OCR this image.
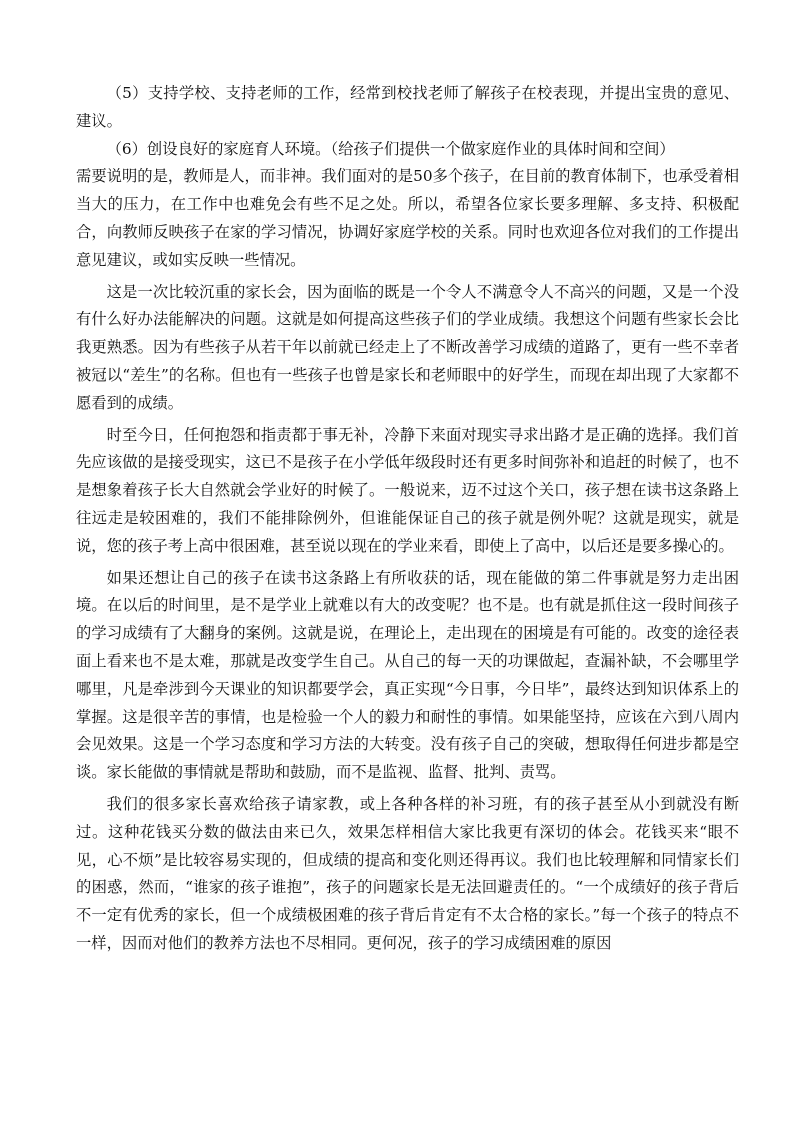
（5）支持学校、支持老师的工作，经常到校找老师了解孩子在校表现，并提出宝贵的意见、建议。

（6）创设良好的家庭育人环境。（给孩子们提供一个做家庭作业的具体时间和空间）

需要说明的是，教师是人，而非神。我们面对的是50多个孩子，在目前的教育体制下，也承受着相当大的压力，在工作中也难免会有些不足之处。所以，希望各位家长要多理解、多支持、积极配合，向教师反映孩子在家的学习情况，协调好家庭学校的关系。同时也欢迎各位对我们的工作提出意见建议，或如实反映一些情况。

这是一次比较沉重的家长会，因为面临的既是一个令人不满意令人不高兴的问题，又是一个没有什么好办法能解决的问题。这就是如何提高这些孩子们的学业成绩。我想这个问题有些家长会比我更熟悉。因为有些孩子从若干年以前就已经走上了不断改善学习成绩的道路了，更有一些不幸者被冠以“差生”的名称。但也有一些孩子也曾是家长和老师眼中的好学生，而现在却出现了大家都不愿看到的成绩。

时至今日，任何抱怨和指责都于事无补，冷静下来面对现实寻求出路才是正确的选择。我们首先应该做的是接受现实，这已不是孩子在小学低年级段时还有更多时间弥补和追赶的时候了，也不是想象着孩子长大自然就会学业好的时候了。一般说来，迈不过这个关口，孩子想在读书这条路上往远走是较困难的，我们不能排除例外，但谁能保证自己的孩子就是例外呢？这就是现实，就是说，您的孩子考上高中很困难，甚至说以现在的学业来看，即使上了高中，以后还是要多操心的。

如果还想让自己的孩子在读书这条路上有所收获的话，现在能做的第二件事就是努力走出困境。在以后的时间里，是不是学业上就难以有大的改变呢？也不是。也有就是抓住这一段时间孩子的学习成绩有了大翻身的案例。这就是说，在理论上，走出现在的困境是有可能的。改变的途径表面上看来也不是太难，那就是改变学生自己。从自己的每一天的功课做起，查漏补缺，不会哪里学哪里，凡是牵涉到今天课业的知识都要学会，真正实现“今日事，今日毕”，最终达到知识体系上的掌握。这是很辛苦的事情，也是检验一个人的毅力和耐性的事情。如果能坚持，应该在六到八周内会见效果。这是一个学习态度和学习方法的大转变。没有孩子自己的突破，想取得任何进步都是空谈。家长能做的事情就是帮助和鼓励，而不是监视、监督、批判、责骂。

我们的很多家长喜欢给孩子请家教，或上各种各样的补习班，有的孩子甚至从小到就没有断过。这种花钱买分数的做法由来已久，效果怎样相信大家比我更有深切的体会。花钱买来“眼不见，心不烦”是比较容易实现的，但成绩的提高和变化则还得再议。我们也比较理解和同情家长们的困惑，然而，“谁家的孩子谁抱”，孩子的问题家长是无法回避责任的。“一个成绩好的孩子背后不一定有优秀的家长，但一个成绩极困难的孩子背后肯定有不太合格的家长。”每一个孩子的特点不一样，因而对他们的教养方法也不尽相同。更何况，孩子的学习成绩困难的原因
